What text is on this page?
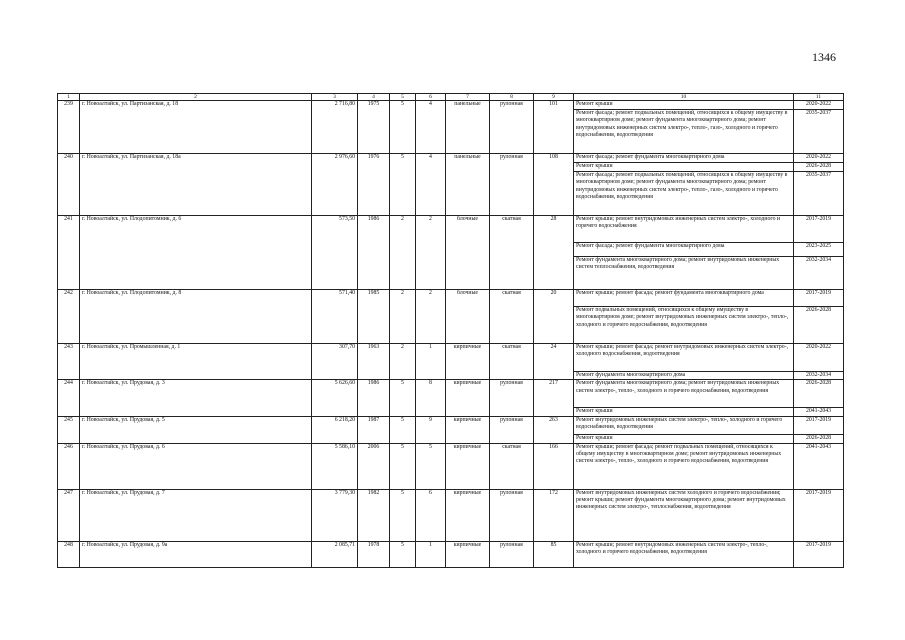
1346
1	2	3	4	5	6	7	8	9	10	11
239	г. Новоалтайск, ул. Партизанская, д. 18	2 716,80	1975	5	4	панельные	рулонная	101	Ремонт крыши	2020-2022
									Ремонт фасада; ремонт подвальных помещений, относящихся к общему имуществу в многоквартирном доме; ремонт фундамента многоквартирного дома; ремонт внутридомовых инженерных систем электро-, тепло-, газо-, холодного и горячего водоснабжения, водоотведения	2035-2037
240	г. Новоалтайск, ул. Партизанская, д. 18а	2 976,60	1976	5	4	панельные	рулонная	108	Ремонт фасада; ремонт фундамента многоквартирного дома	2020-2022
									Ремонт крыши	2026-2028
									Ремонт фасада; ремонт подвальных помещений, относящихся к общему имуществу в многоквартирном доме; ремонт фундамента многоквартирного дома; ремонт внутридомовых инженерных систем электро-, тепло-, газо-, холодного и горячего водоснабжения, водоотведения	2035-2037
241	г. Новоалтайск, ул. Плодопитомник, д. 6	573,50	1986	2	2	блочные	скатная	28	Ремонт крыши; ремонт внутридомовых инженерных систем электро-, холодного и горячего водоснабжения	2017-2019
									Ремонт фасада; ремонт фундамента многоквартирного дома	2023-2025
									Ремонт фундамента многоквартирного дома; ремонт внутридомовых инженерных систем теплоснабжения, водоотведения	2032-2034
242	г. Новоалтайск, ул. Плодопитомник, д. 8	571,40	1985	2	2	блочные	скатная	20	Ремонт крыши; ремонт фасада; ремонт фундамента многоквартирного дома	2017-2019
									Ремонт подвальных помещений, относящихся к общему имуществу в многоквартирном доме; ремонт внутридомовых инженерных систем электро-, тепло-, холодного и горячего водоснабжения, водоотведения	2026-2028
243	г. Новоалтайск, ул. Промышленная, д. 1	307,70	1963	2	1	кирпичные	скатная	24	Ремонт крыши; ремонт фасада; ремонт внутридомовых инженерных систем электро-, холодного водоснабжения, водоотведения	2020-2022
									Ремонт фундамента многоквартирного дома	2032-2034
244	г. Новоалтайск, ул. Прудовая, д. 3	5 626,60	1986	5	8	кирпичные	рулонная	217	Ремонт фундамента многоквартирного дома; ремонт внутридомовых инженерных систем электро-, тепло-, холодного и горячего водоснабжения, водоотведения	2026-2028
									Ремонт крыши	2041-2043
245	г. Новоалтайск, ул. Прудовая, д. 5	6 218,20	1987	5	9	кирпичные	рулонная	263	Ремонт внутридомовых инженерных систем электро-, тепло-, холодного и горячего водоснабжения, водоотведения	2017-2019
									Ремонт крыши	2026-2028
246	г. Новоалтайск, ул. Прудовая, д. 6	5 586,10	2006	5	5	кирпичные	скатная	166	Ремонт крыши; ремонт фасада; ремонт подвальных помещений, относящихся к общему имуществу в многоквартирном доме; ремонт внутридомовых инженерных систем электро-, тепло-, холодного и горячего водоснабжения, водоотведения	2041-2043
247	г. Новоалтайск, ул. Прудовая, д. 7	3 779,30	1982	5	6	кирпичные	рулонная	172	Ремонт внутридомовых инженерных систем холодного и горячего водоснабжения; ремонт крыши; ремонт фундамента многоквартирного дома; ремонт внутридомовых инженерных систем электро-, теплоснабжения, водоотведения	2017-2019
248	г. Новоалтайск, ул. Прудовая, д. 9а	2 085,71	1978	5	1	кирпичные	рулонная	85	Ремонт крыши; ремонт внутридомовых инженерных систем электро-, тепло-, холодного и горячего водоснабжения, водоотведения	2017-2019
